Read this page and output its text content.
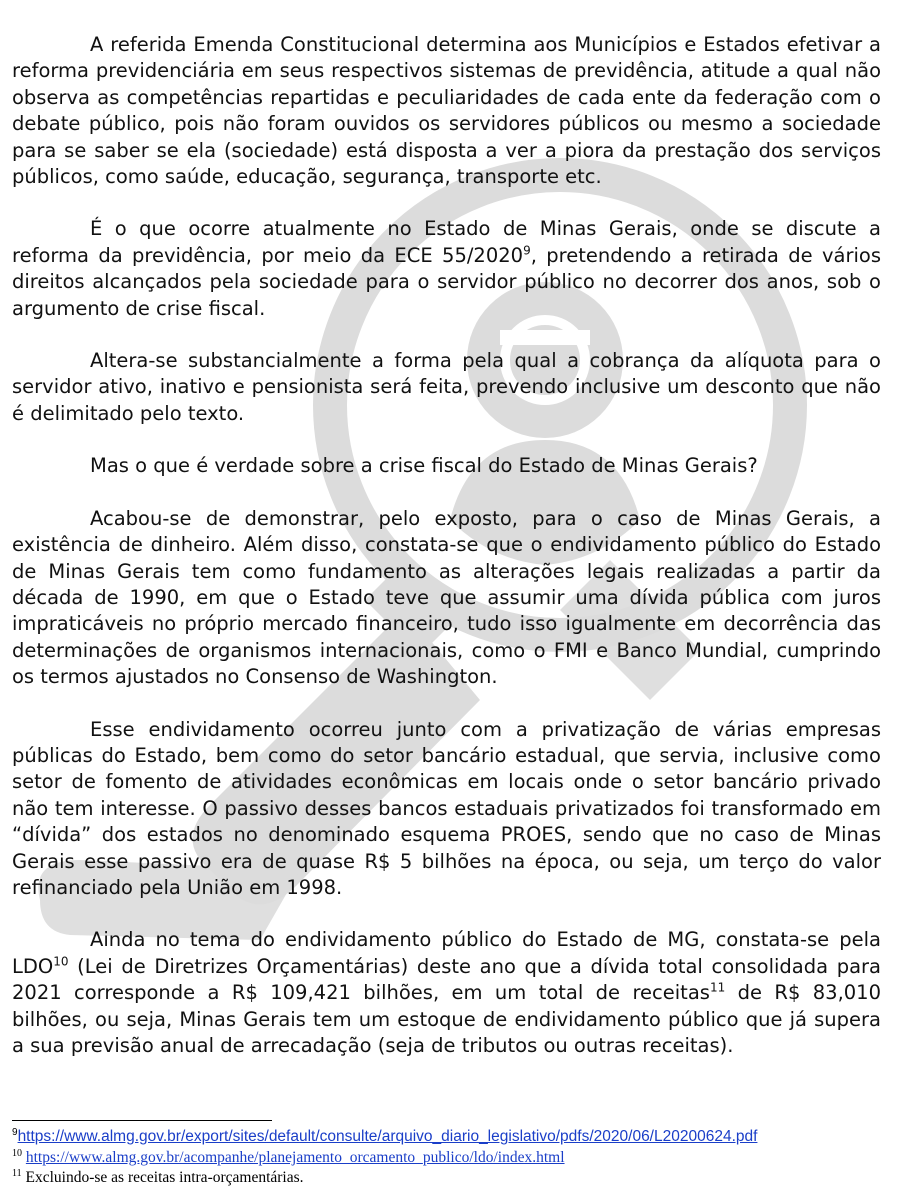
A referida Emenda Constitucional determina aos Municípios e Estados efetivar a reforma previdenciária em seus respectivos sistemas de previdência, atitude a qual não observa as competências repartidas e peculiaridades de cada ente da federação com o debate público, pois não foram ouvidos os servidores públicos ou mesmo a sociedade para se saber se ela (sociedade) está disposta a ver a piora da prestação dos serviços públicos, como saúde, educação, segurança, transporte etc.

É o que ocorre atualmente no Estado de Minas Gerais, onde se discute a reforma da previdência, por meio da ECE 55/2020$^9$, pretendendo a retirada de vários direitos alcançados pela sociedade para o servidor público no decorrer dos anos, sob o argumento de crise fiscal.

Altera-se substancialmente a forma pela qual a cobrança da alíquota para o servidor ativo, inativo e pensionista será feita, prevendo inclusive um desconto que não é delimitado pelo texto.

Mas o que é verdade sobre a crise fiscal do Estado de Minas Gerais?

Acabou-se de demonstrar, pelo exposto, para o caso de Minas Gerais, a existência de dinheiro. Além disso, constata-se que o endividamento público do Estado de Minas Gerais tem como fundamento as alterações legais realizadas a partir da década de 1990, em que o Estado teve que assumir uma dívida pública com juros impraticáveis no próprio mercado financeiro, tudo isso igualmente em decorrência das determinações de organismos internacionais, como o FMI e Banco Mundial, cumprindo os termos ajustados no Consenso de Washington.

Esse endividamento ocorreu junto com a privatização de várias empresas públicas do Estado, bem como do setor bancário estadual, que servia, inclusive como setor de fomento de atividades econômicas em locais onde o setor bancário privado não tem interesse. O passivo desses bancos estaduais privatizados foi transformado em “dívida” dos estados no denominado esquema PROES, sendo que no caso de Minas Gerais esse passivo era de quase R$ 5 bilhões na época, ou seja, um terço do valor refinanciado pela União em 1998.

Ainda no tema do endividamento público do Estado de MG, constata-se pela LDO$^{10}$ (Lei de Diretrizes Orçamentárias) deste ano que a dívida total consolidada para 2021 corresponde a R$ 109,421 bilhões, em um total de receitas$^{11}$ de R$ 83,010 bilhões, ou seja, Minas Gerais tem um estoque de endividamento público que já supera a sua previsão anual de arrecadação (seja de tributos ou outras receitas).

$^9$https://www.almg.gov.br/export/sites/default/consulte/arquivo_diario_legislativo/pdfs/2020/06/L20200624.pdf

$^{10}$ https://www.almg.gov.br/acompanhe/planejamento_orcamento_publico/ldo/index.html

$^{11}$ Excluindo-se as receitas intra-orçamentárias.
